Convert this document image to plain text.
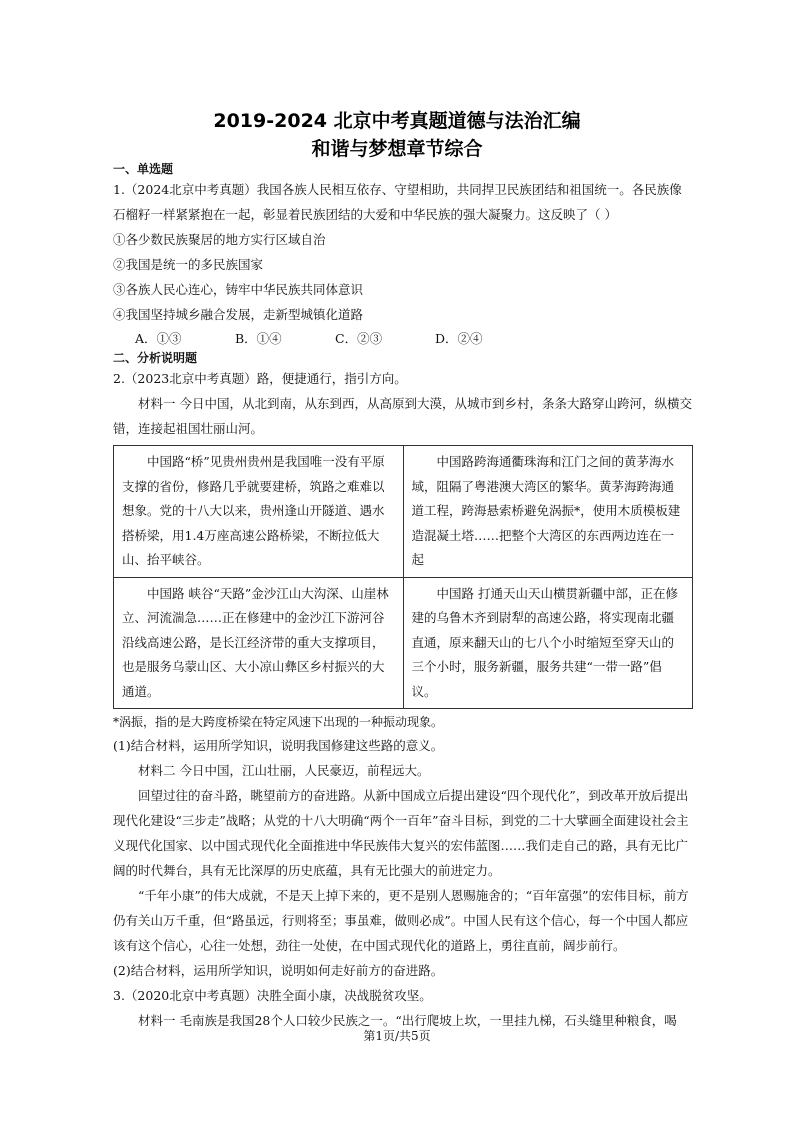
2019-2024 北京中考真题道德与法治汇编
和谐与梦想章节综合

一、单选题

1.（2024北京中考真题）我国各族人民相互依存、守望相助，共同捍卫民族团结和祖国统一。各民族像石榴籽一样紧紧抱在一起，彰显着民族团结的大爱和中华民族的强大凝聚力。这反映了（ ）

①各少数民族聚居的地方实行区域自治

②我国是统一的多民族国家

③各族人民心连心，铸牢中华民族共同体意识

④我国坚持城乡融合发展，走新型城镇化道路

A．①③	B．①④	C．②③	D．②④

二、分析说明题

2.（2023北京中考真题）路，便捷通行，指引方向。

材料一 今日中国，从北到南，从东到西，从高原到大漠，从城市到乡村，条条大路穿山跨河，纵横交错，连接起祖国壮丽山河。

中国路“桥”见贵州贵州是我国唯一没有平原支撑的省份，修路几乎就要建桥，筑路之难难以想象。党的十八大以来，贵州逢山开隧道、遇水搭桥梁，用1.4万座高速公路桥梁，不断拉低大山、抬平峡谷。	中国路跨海通衢珠海和江门之间的黄茅海水域，阻隔了粤港澳大湾区的繁华。黄茅海跨海通道工程，跨海悬索桥避免涡振*，使用木质模板建造混凝土塔……把整个大湾区的东西两边连在一起
中国路 峡谷“天路”金沙江山大沟深、山崖林立、河流湍急……正在修建中的金沙江下游河谷沿线高速公路，是长江经济带的重大支撑项目，也是服务乌蒙山区、大小凉山彝区乡村振兴的大通道。	中国路 打通天山天山横贯新疆中部，正在修建的乌鲁木齐到尉犁的高速公路，将实现南北疆直通，原来翻天山的七八个小时缩短至穿天山的三个小时，服务新疆，服务共建“一带一路”倡议。

*涡振，指的是大跨度桥梁在特定风速下出现的一种振动现象。

(1)结合材料，运用所学知识，说明我国修建这些路的意义。

材料二 今日中国，江山壮丽，人民豪迈，前程远大。

回望过往的奋斗路，眺望前方的奋进路。从新中国成立后提出建设“四个现代化”，到改革开放后提出现代化建设“三步走”战略；从党的十八大明确“两个一百年”奋斗目标，到党的二十大擘画全面建设社会主义现代化国家、以中国式现代化全面推进中华民族伟大复兴的宏伟蓝图……我们走自己的路，具有无比广阔的时代舞台，具有无比深厚的历史底蕴，具有无比强大的前进定力。

“千年小康”的伟大成就，不是天上掉下来的，更不是别人恩赐施舍的；“百年富强”的宏伟目标，前方仍有关山万千重，但“路虽远，行则将至；事虽难，做则必成”。中国人民有这个信心，每一个中国人都应该有这个信心，心往一处想，劲往一处使，在中国式现代化的道路上，勇往直前，阔步前行。

(2)结合材料，运用所学知识，说明如何走好前方的奋进路。

3.（2020北京中考真题）决胜全面小康，决战脱贫攻坚。

材料一 毛南族是我国28个人口较少民族之一。“出行爬坡上坎，一里挂九梯，石头缝里种粮食，喝

第1页/共5页
